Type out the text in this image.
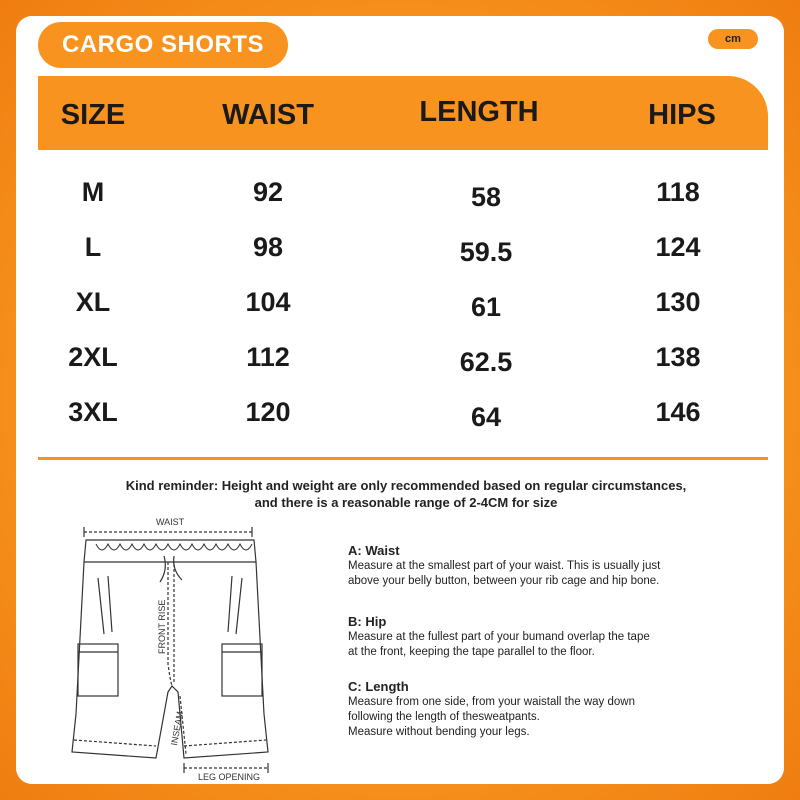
CARGO SHORTS	cm
SIZE	WAIST	LENGTH	HIPS
M	92	58	118
L	98	59.5	124
XL	104	61	130
2XL	112	62.5	138
3XL	120	64	146
Kind reminder: Height and weight are only recommended based on regular circumstances,
and there is a reasonable range of 2-4CM for size
WAIST
FRONT RISE
INSEAM
LEG OPENING
A: Waist
Measure at the smallest part of your waist. This is usually just
above your belly button, between your rib cage and hip bone.
B: Hip
Measure at the fullest part of your bumand overlap the tape
at the front, keeping the tape parallel to the floor.
C: Length
Measure from one side, from your waistall the way down
following the length of thesweatpants.
Measure without bending your legs.
